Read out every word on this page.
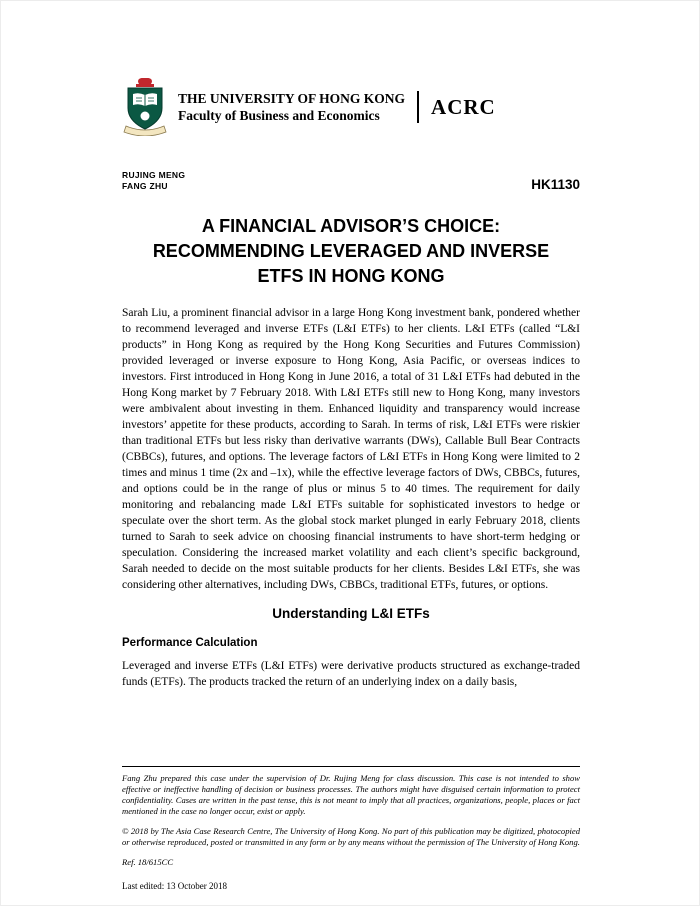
THE UNIVERSITY OF HONG KONG
Faculty of Business and Economics	ACRC
RUJING MENG
FANG ZHU	HK1130
A FINANCIAL ADVISOR’S CHOICE:
RECOMMENDING LEVERAGED AND INVERSE
ETFS IN HONG KONG

Sarah Liu, a prominent financial advisor in a large Hong Kong investment bank, pondered whether to recommend leveraged and inverse ETFs (L&I ETFs) to her clients. L&I ETFs (called “L&I products” in Hong Kong as required by the Hong Kong Securities and Futures Commission) provided leveraged or inverse exposure to Hong Kong, Asia Pacific, or overseas indices to investors. First introduced in Hong Kong in June 2016, a total of 31 L&I ETFs had debuted in the Hong Kong market by 7 February 2018. With L&I ETFs still new to Hong Kong, many investors were ambivalent about investing in them. Enhanced liquidity and transparency would increase investors’ appetite for these products, according to Sarah. In terms of risk, L&I ETFs were riskier than traditional ETFs but less risky than derivative warrants (DWs), Callable Bull Bear Contracts (CBBCs), futures, and options. The leverage factors of L&I ETFs in Hong Kong were limited to 2 times and minus 1 time (2x and –1x), while the effective leverage factors of DWs, CBBCs, futures, and options could be in the range of plus or minus 5 to 40 times. The requirement for daily monitoring and rebalancing made L&I ETFs suitable for sophisticated investors to hedge or speculate over the short term. As the global stock market plunged in early February 2018, clients turned to Sarah to seek advice on choosing financial instruments to have short-term hedging or speculation. Considering the increased market volatility and each client’s specific background, Sarah needed to decide on the most suitable products for her clients. Besides L&I ETFs, she was considering other alternatives, including DWs, CBBCs, traditional ETFs, futures, or options.

Understanding L&I ETFs
Performance Calculation

Leveraged and inverse ETFs (L&I ETFs) were derivative products structured as exchange-traded funds (ETFs). The products tracked the return of an underlying index on a daily basis,

Fang Zhu prepared this case under the supervision of Dr. Rujing Meng for class discussion. This case is not intended to show effective or ineffective handling of decision or business processes. The authors might have disguised certain information to protect confidentiality. Cases are written in the past tense, this is not meant to imply that all practices, organizations, people, places or fact mentioned in the case no longer occur, exist or apply.

© 2018 by The Asia Case Research Centre, The University of Hong Kong. No part of this publication may be digitized, photocopied or otherwise reproduced, posted or transmitted in any form or by any means without the permission of The University of Hong Kong.

Ref. 18/615CC
Last edited: 13 October 2018
